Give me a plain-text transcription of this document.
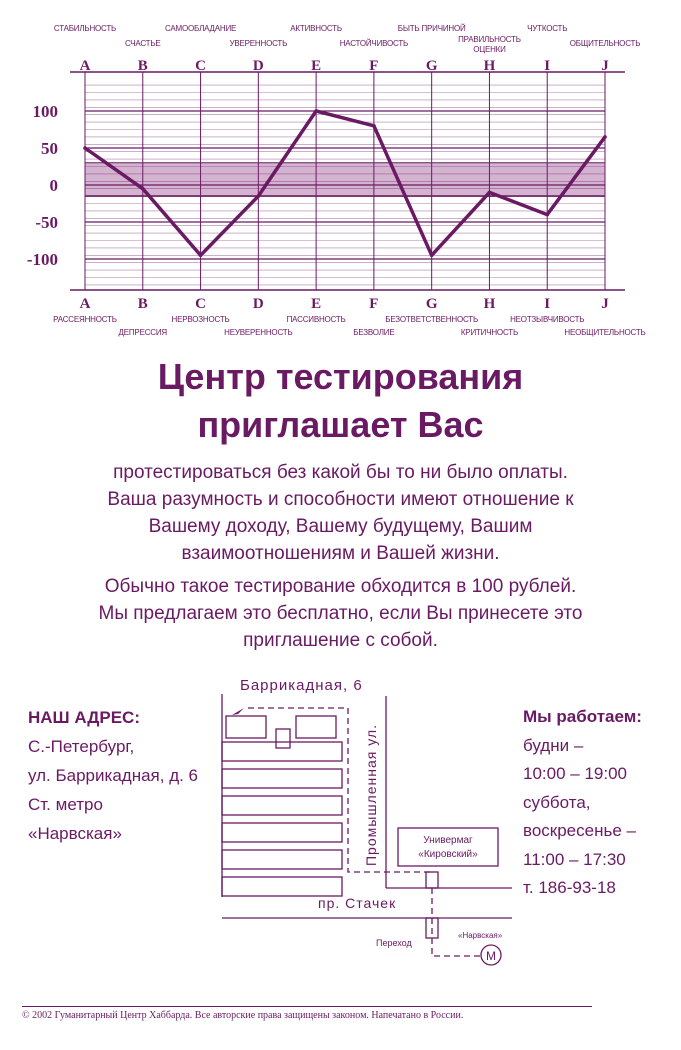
СТАБИЛЬНОСТЬ
СЧАСТЬЕ
САМООБЛАДАНИЕ
УВЕРЕННОСТЬ
АКТИВНОСТЬ
НАСТОЙЧИВОСТЬ
БЫТЬ ПРИЧИНОЙ
ПРАВИЛЬНОСТЬ
ОЦЕНКИ
ЧУТКОСТЬ
ОБЩИТЕЛЬНОСТЬ
A	B	C	D	E	F	G	H	I	J
A	B	C	D	E	F	G	H	I	J
РАССЕЯННОСТЬ
ДЕПРЕССИЯ
НЕРВОЗНОСТЬ
НЕУВЕРЕННОСТЬ
ПАССИВНОСТЬ
БЕЗВОЛИЕ
БЕЗОТВЕТСТВЕННОСТЬ
КРИТИЧНОСТЬ
НЕОТЗЫВЧИВОСТЬ
НЕОБЩИТЕЛЬНОСТЬ
100
50
0
-50
-100
Центр тестирования
приглашает Вас
протестироваться без какой бы то ни было оплаты.
Ваша разумность и способности имеют отношение к
Вашему доходу, Вашему будущему, Вашим
взаимоотношениям и Вашей жизни.
Обычно такое тестирование обходится в 100 рублей.
Мы предлагаем это бесплатно, если Вы принесете это
приглашение с собой.
НАШ АДРЕС:
С.-Петербург,
ул. Баррикадная, д. 6
Ст. метро
«Нарвская»
Мы работаем:
будни –
10:00 – 19:00
суббота,
воскресенье –
11:00 – 17:30
т. 186-93-18
Баррикадная, 6
Промышленная ул.
пр. Стачек
Универмаг
«Кировский»
Переход
«Нарвская»
M
© 2002 Гуманитарный Центр Хаббарда. Все авторские права защищены законом. Напечатано в России.
